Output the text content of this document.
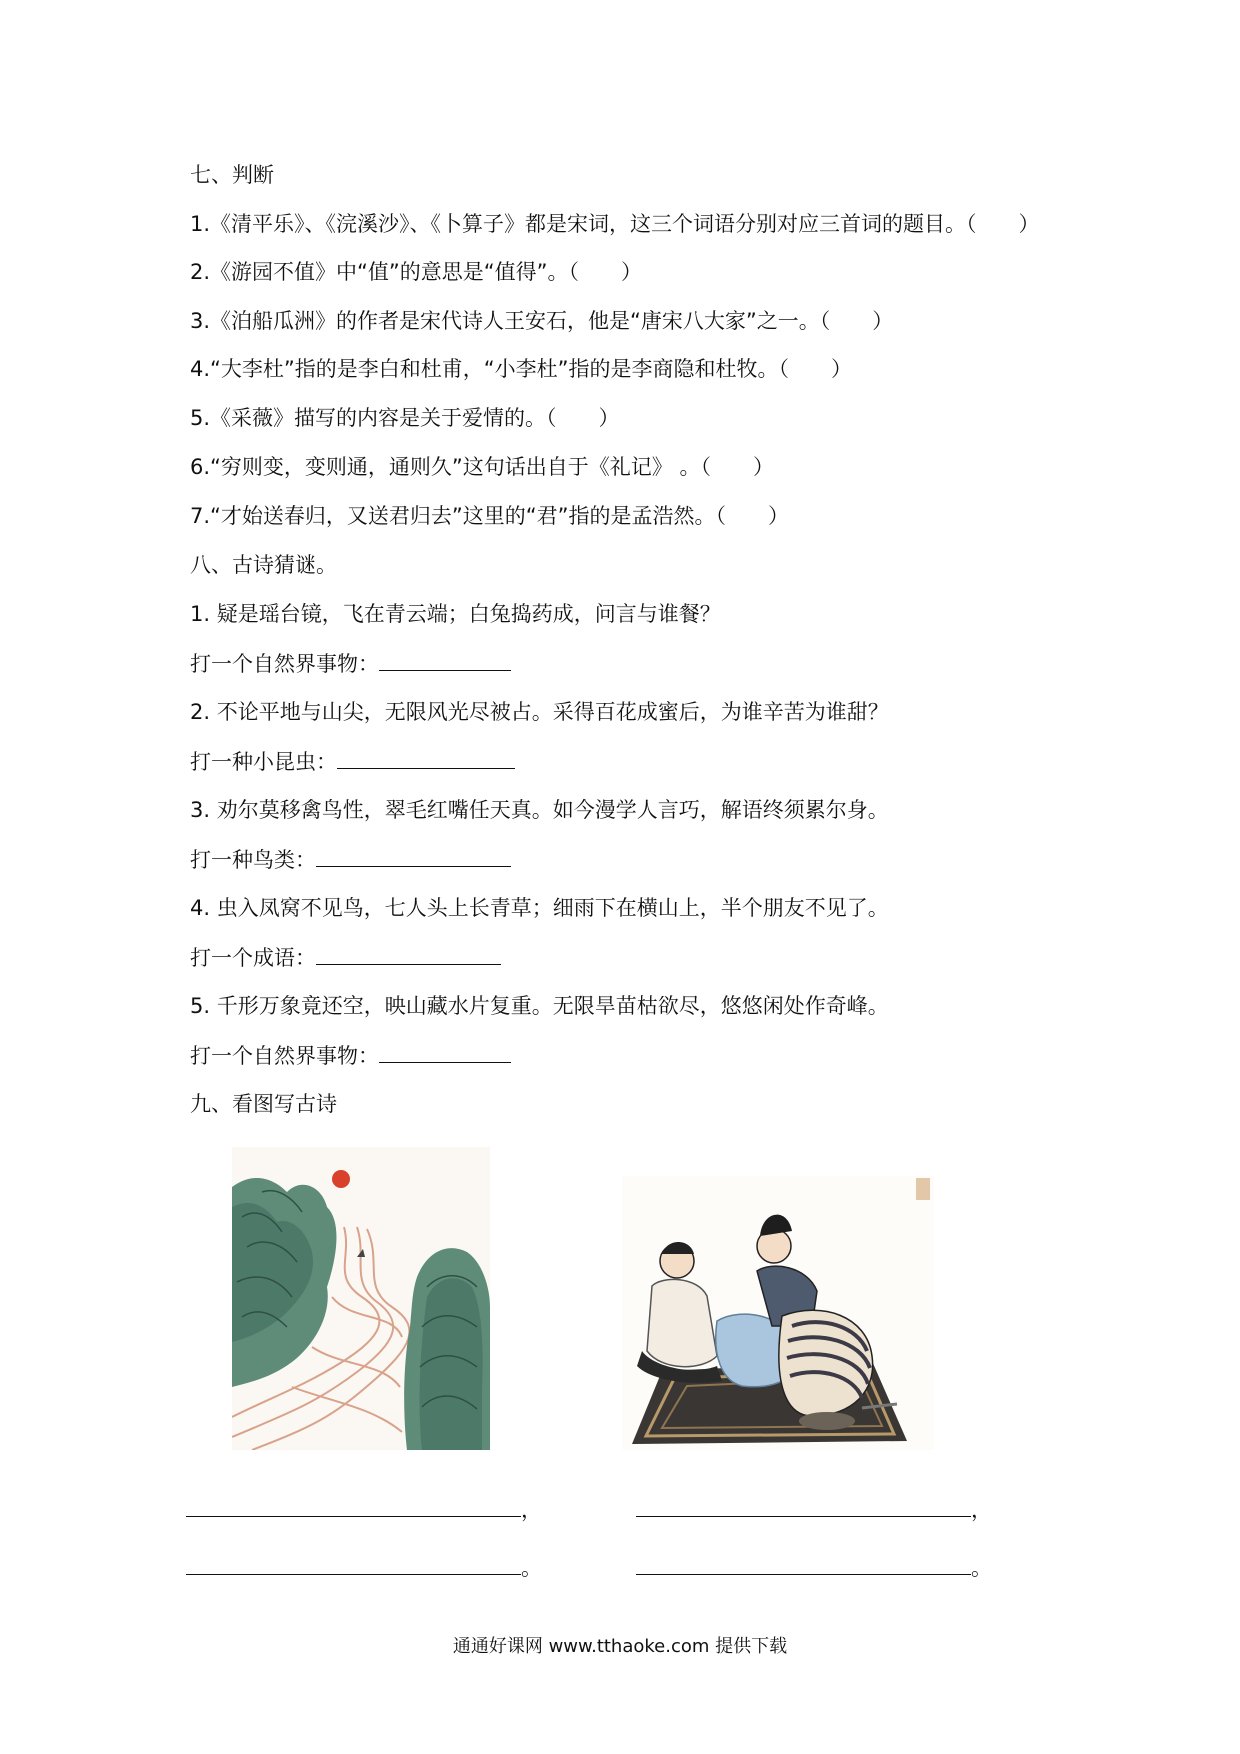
七、判断
1.《清平乐》、《浣溪沙》、《卜算子》都是宋词，这三个词语分别对应三首词的题目。（　　）
2.《游园不值》中“值”的意思是“值得”。（　　）
3.《泊船瓜洲》的作者是宋代诗人王安石，他是“唐宋八大家”之一。（　　）
4.“大李杜”指的是李白和杜甫，“小李杜”指的是李商隐和杜牧。（　　）
5.《采薇》描写的内容是关于爱情的。（　　）
6.“穷则变，变则通，通则久”这句话出自于《礼记》 。（　　）
7.“才始送春归，又送君归去”这里的“君”指的是孟浩然。（　　）
八、古诗猜谜。
1. 疑是瑶台镜，飞在青云端；白兔捣药成，问言与谁餐？
打一个自然界事物：
2. 不论平地与山尖，无限风光尽被占。采得百花成蜜后，为谁辛苦为谁甜？
打一种小昆虫：
3. 劝尔莫移禽鸟性，翠毛红嘴任天真。如今漫学人言巧，解语终须累尔身。
打一种鸟类：
4. 虫入凤窝不见鸟，七人头上长青草；细雨下在横山上，半个朋友不见了。
打一个成语：
5. 千形万象竟还空，映山藏水片复重。无限旱苗枯欲尽，悠悠闲处作奇峰。
打一个自然界事物：
九、看图写古诗
，
。
，
。
通通好课网 www.tthaoke.com 提供下载
